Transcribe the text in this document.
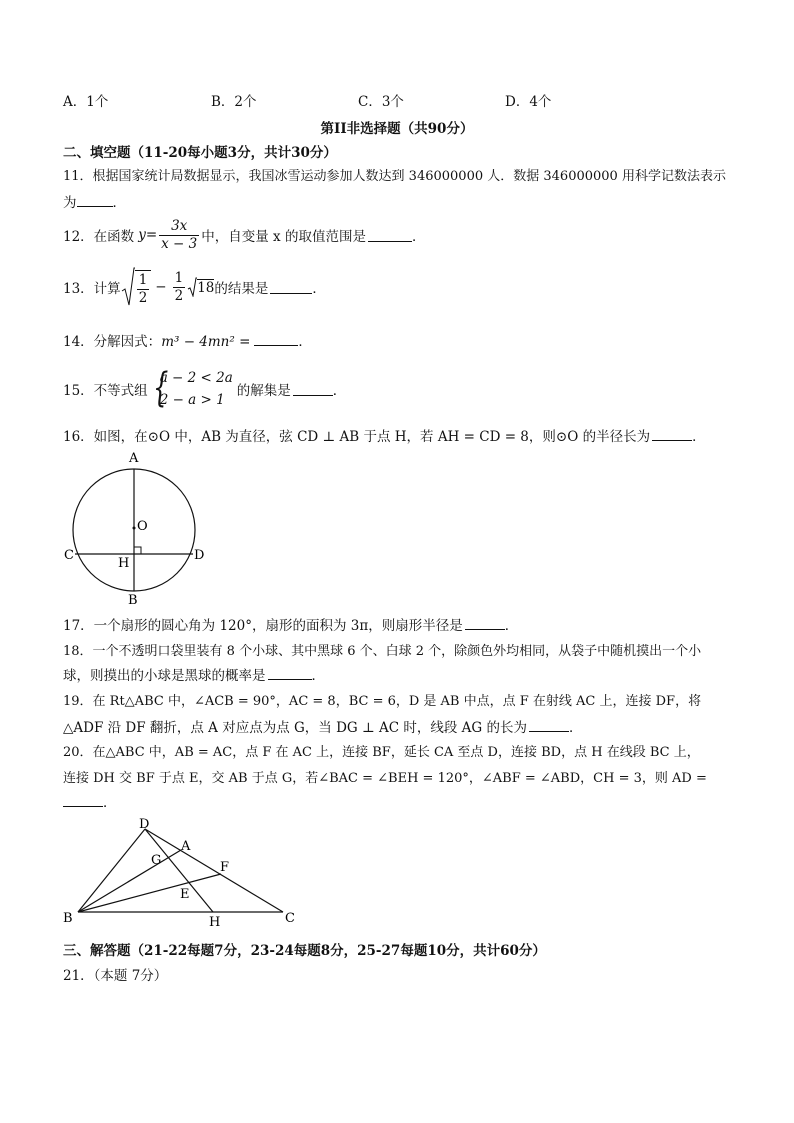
A．1个	B．2个	C．3个	D．4个
第II非选择题（共90分）
二、填空题（11-20每小题3分，共计30分）
11．根据国家统计局数据显示，我国冰雪运动参加人数达到 346000000 人．数据 346000000 用科学记数法表示
为	．
12．在函数 $y = \frac{3x}{x - 3}$ 中，自变量 x 的取值范围是	．
13．计算 $\frac{1}{2} - \frac{1}{2} 18$ 的结果是	．
14．分解因式：m³ − 4mn² =	．
15．不等式组 {
a − 2 < 2a
2 − a > 1
的解集是	．
16．如图，在⊙O 中，AB 为直径，弦 CD ⊥ AB 于点 H，若 AH = CD = 8，则⊙O 的半径长为	．
A
O
C	D
H
B
17．一个扇形的圆心角为 120°，扇形的面积为 3π，则扇形半径是	．
18．一个不透明口袋里装有 8 个小球、其中黑球 6 个、白球 2 个，除颜色外均相同，从袋子中随机摸出一个小
球，则摸出的小球是黑球的概率是	．
19．在 Rt△ABC 中，∠ACB = 90°，AC = 8，BC = 6，D 是 AB 中点，点 F 在射线 AC 上，连接 DF，将
△ADF 沿 DF 翻折，点 A 对应点为点 G，当 DG ⊥ AC 时，线段 AG 的长为	．
20．在△ABC 中，AB = AC，点 F 在 AC 上，连接 BF，延长 CA 至点 D，连接 BD，点 H 在线段 BC 上，
连接 DH 交 BF 于点 E，交 AB 于点 G，若∠BAC = ∠BEH = 120°，∠ABF = ∠ABD，CH = 3，则 AD =
．
D
A
G	F
E
B	H	C
三、解答题（21-22每题7分，23-24每题8分，25-27每题10分，共计60分）
21．（本题 7分）
